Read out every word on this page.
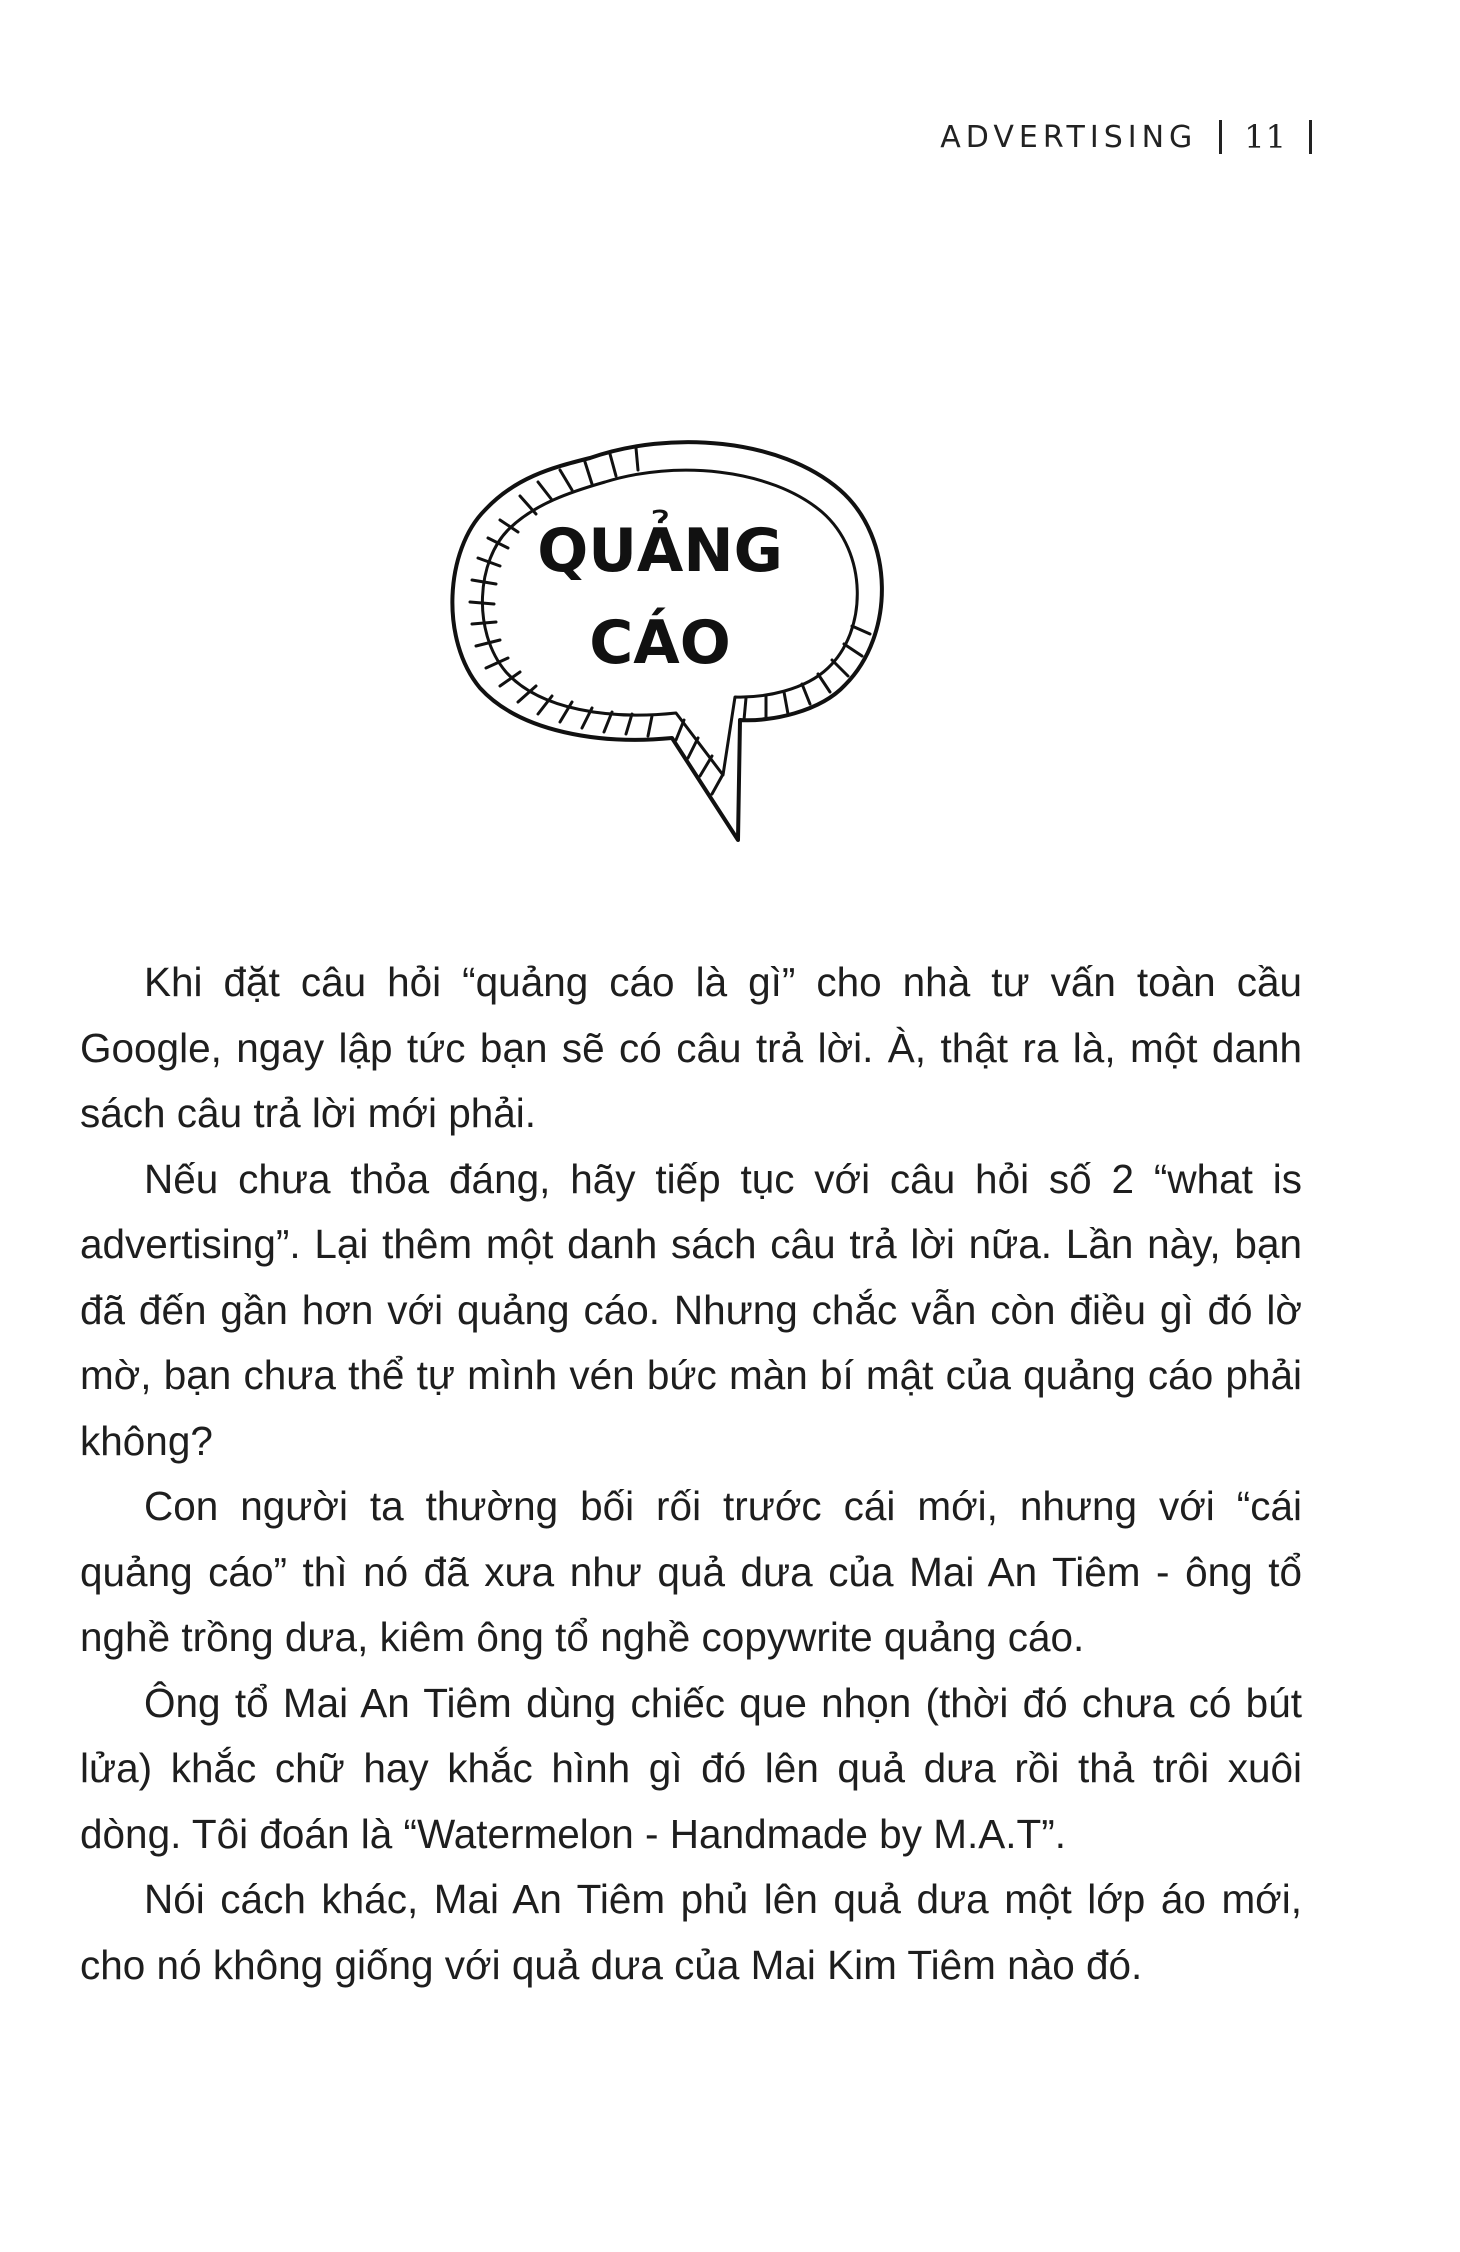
ADVERTISING 11
QUẢNG
CÁO

Khi đặt câu hỏi “quảng cáo là gì” cho nhà tư vấn toàn cầu Google, ngay lập tức bạn sẽ có câu trả lời. À, thật ra là, một danh sách câu trả lời mới phải.

Nếu chưa thỏa đáng, hãy tiếp tục với câu hỏi số 2 “what is advertising”. Lại thêm một danh sách câu trả lời nữa. Lần này, bạn đã đến gần hơn với quảng cáo. Nhưng chắc vẫn còn điều gì đó lờ mờ, bạn chưa thể tự mình vén bức màn bí mật của quảng cáo phải không?

Con người ta thường bối rối trước cái mới, nhưng với “cái quảng cáo” thì nó đã xưa như quả dưa của Mai An Tiêm - ông tổ nghề trồng dưa, kiêm ông tổ nghề copywrite quảng cáo.

Ông tổ Mai An Tiêm dùng chiếc que nhọn (thời đó chưa có bút lửa) khắc chữ hay khắc hình gì đó lên quả dưa rồi thả trôi xuôi dòng. Tôi đoán là “Watermelon - Handmade by M.A.T”.

Nói cách khác, Mai An Tiêm phủ lên quả dưa một lớp áo mới, cho nó không giống với quả dưa của Mai Kim Tiêm nào đó.
